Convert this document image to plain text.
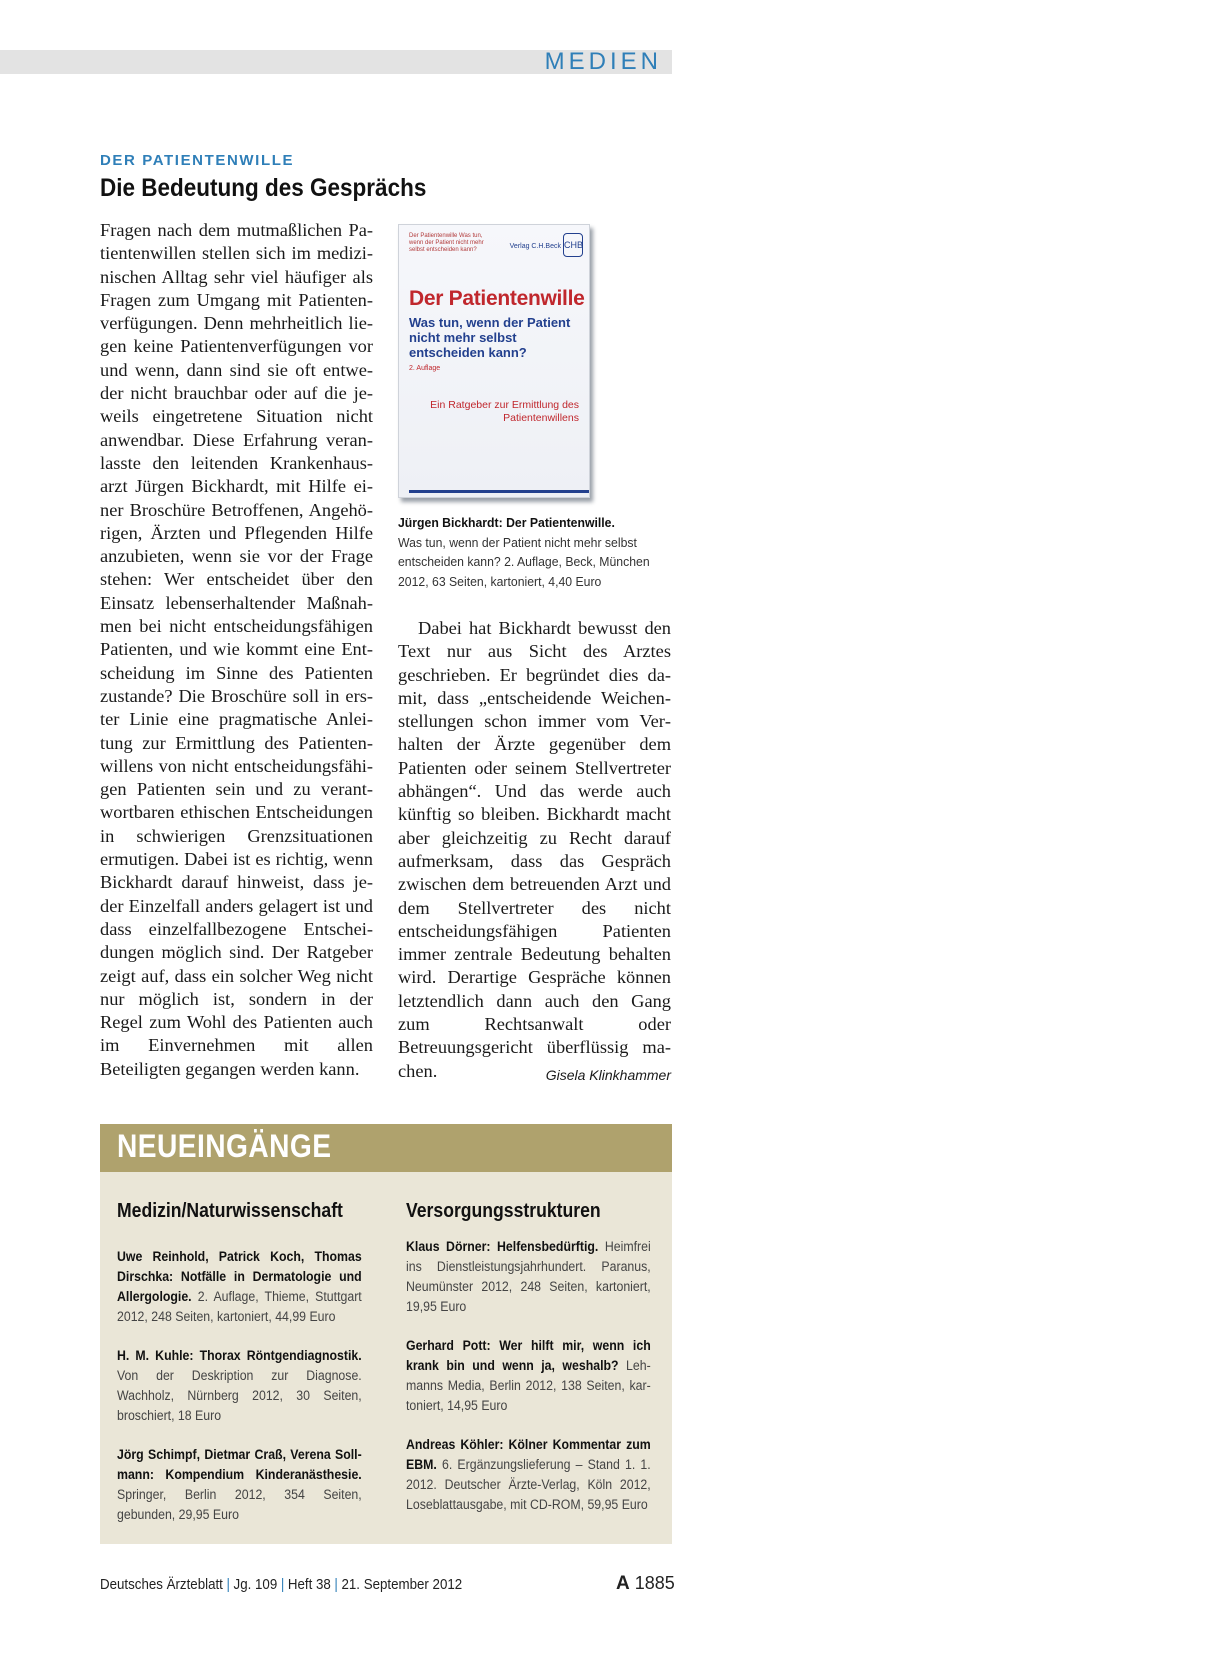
MEDIEN
DER PATIENTENWILLE
Die Bedeutung des Gesprächs
Fragen nach dem mutmaßlichen Patientenwillen stellen sich im medizinischen Alltag sehr viel häufiger als Fragen zum Umgang mit Patientenverfügungen. Denn mehrheitlich liegen keine Patientenverfügungen vor und wenn, dann sind sie oft entweder nicht brauchbar oder auf die jeweils eingetretene Situation nicht anwendbar. Diese Erfahrung veranlasste den leitenden Krankenhausarzt Jürgen Bickhardt, mit Hilfe einer Broschüre Betroffenen, Angehörigen, Ärzten und Pflegenden Hilfe anzubieten, wenn sie vor der Frage stehen: Wer entscheidet über den Einsatz lebenserhaltender Maßnahmen bei nicht entscheidungsfähigen Patienten, und wie kommt eine Entscheidung im Sinne des Patienten zustande? Die Broschüre soll in erster Linie eine pragmatische Anleitung zur Ermittlung des Patientenwillens von nicht entscheidungsfähigen Patienten sein und zu verantwortbaren ethischen Entscheidungen in schwierigen Grenzsituationen ermutigen. Dabei ist es richtig, wenn Bickhardt darauf hinweist, dass jeder Einzelfall anders gelagert ist und dass einzelfallbezogene Entscheidungen möglich sind. Der Ratgeber zeigt auf, dass ein solcher Weg nicht nur möglich ist, sondern in der Regel zum Wohl des Patienten auch im Einvernehmen mit allen Beteiligten gegangen werden kann.
Der Patientenwille Was tun, wenn der Patient nicht mehr selbst entscheiden kann?	Verlag C.H.Beck CHB
Der Patientenwille
Was tun, wenn der Patient nicht mehr selbst entscheiden kann?
2. Auflage
Ein Ratgeber zur Ermittlung des Patientenwillens
Jürgen Bickhardt: Der Patientenwille.
Was tun, wenn der Patient nicht mehr selbst entscheiden kann? 2. Auflage, Beck, München 2012, 63 Seiten, kartoniert, 4,40 Euro
Dabei hat Bickhardt bewusst den Text nur aus Sicht des Arztes geschrieben. Er begründet dies damit, dass „entscheidende Weichenstellungen schon immer vom Verhalten der Ärzte gegenüber dem Patienten oder seinem Stellvertreter abhängen“. Und das werde auch künftig so bleiben. Bickhardt macht aber gleichzeitig zu Recht darauf aufmerksam, dass das Gespräch zwischen dem betreuenden Arzt und dem Stellvertreter des nicht entscheidungsfähigen Patienten immer zentrale Bedeutung behalten wird. Derartige Gespräche können letztendlich dann auch den Gang zum Rechtsanwalt oder Betreuungsgericht überflüssig machen.	Gisela Klinkhammer
NEUEINGÄNGE
Medizin/Naturwissenschaft
Uwe Reinhold, Patrick Koch, Thomas Dirschka: Notfälle in Dermatologie und Allergologie. 2. Auflage, Thieme, Stuttgart 2012, 248 Seiten, kartoniert, 44,99 Euro
H. M. Kuhle: Thorax Röntgendiagnostik. Von der Deskription zur Diagnose. Wachholz, Nürnberg 2012, 30 Seiten, broschiert, 18 Euro
Jörg Schimpf, Dietmar Craß, Verena Sollmann: Kompendium Kinderanästhesie. Springer, Berlin 2012, 354 Seiten, gebunden, 29,95 Euro
Versorgungsstrukturen
Klaus Dörner: Helfensbedürftig. Heimfrei ins Dienstleistungsjahrhundert. Paranus, Neumünster 2012, 248 Seiten, kartoniert, 19,95 Euro
Gerhard Pott: Wer hilft mir, wenn ich krank bin und wenn ja, weshalb? Lehmanns Media, Berlin 2012, 138 Seiten, kartoniert, 14,95 Euro
Andreas Köhler: Kölner Kommentar zum EBM. 6. Ergänzungslieferung – Stand 1. 1. 2012. Deutscher Ärzte-Verlag, Köln 2012, Loseblattausgabe, mit CD-ROM, 59,95 Euro
Deutsches Ärzteblatt | Jg. 109 | Heft 38 | 21. September 2012	A 1885
